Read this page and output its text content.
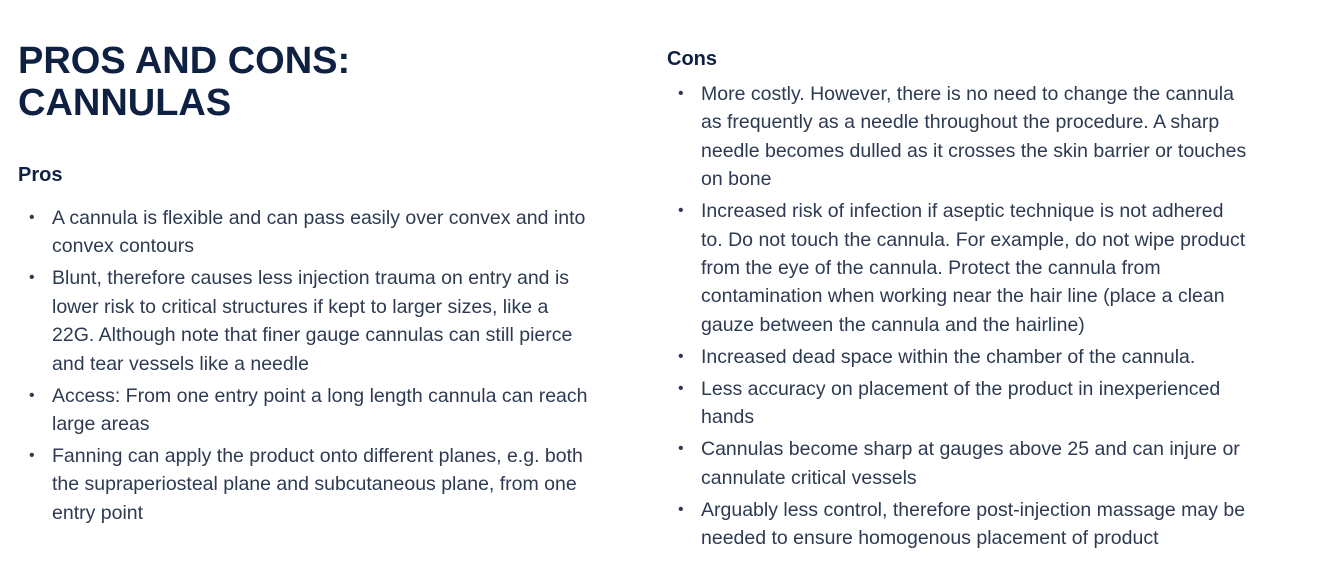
PROS AND CONS:
CANNULAS
Pros
• A cannula is flexible and can pass easily over convex and into convex contours
• Blunt, therefore causes less injection trauma on entry and is lower risk to critical structures if kept to larger sizes, like a 22G. Although note that finer gauge cannulas can still pierce and tear vessels like a needle
• Access: From one entry point a long length cannula can reach large areas
• Fanning can apply the product onto different planes, e.g. both the supraperiosteal plane and subcutaneous plane, from one entry point
Cons
• More costly. However, there is no need to change the cannula as frequently as a needle throughout the procedure. A sharp needle becomes dulled as it crosses the skin barrier or touches on bone
• Increased risk of infection if aseptic technique is not adhered to. Do not touch the cannula. For example, do not wipe product from the eye of the cannula. Protect the cannula from contamination when working near the hair line (place a clean gauze between the cannula and the hairline)
• Increased dead space within the chamber of the cannula.
• Less accuracy on placement of the product in inexperienced hands
• Cannulas become sharp at gauges above 25 and can injure or cannulate critical vessels
• Arguably less control, therefore post-injection massage may be needed to ensure homogenous placement of product
